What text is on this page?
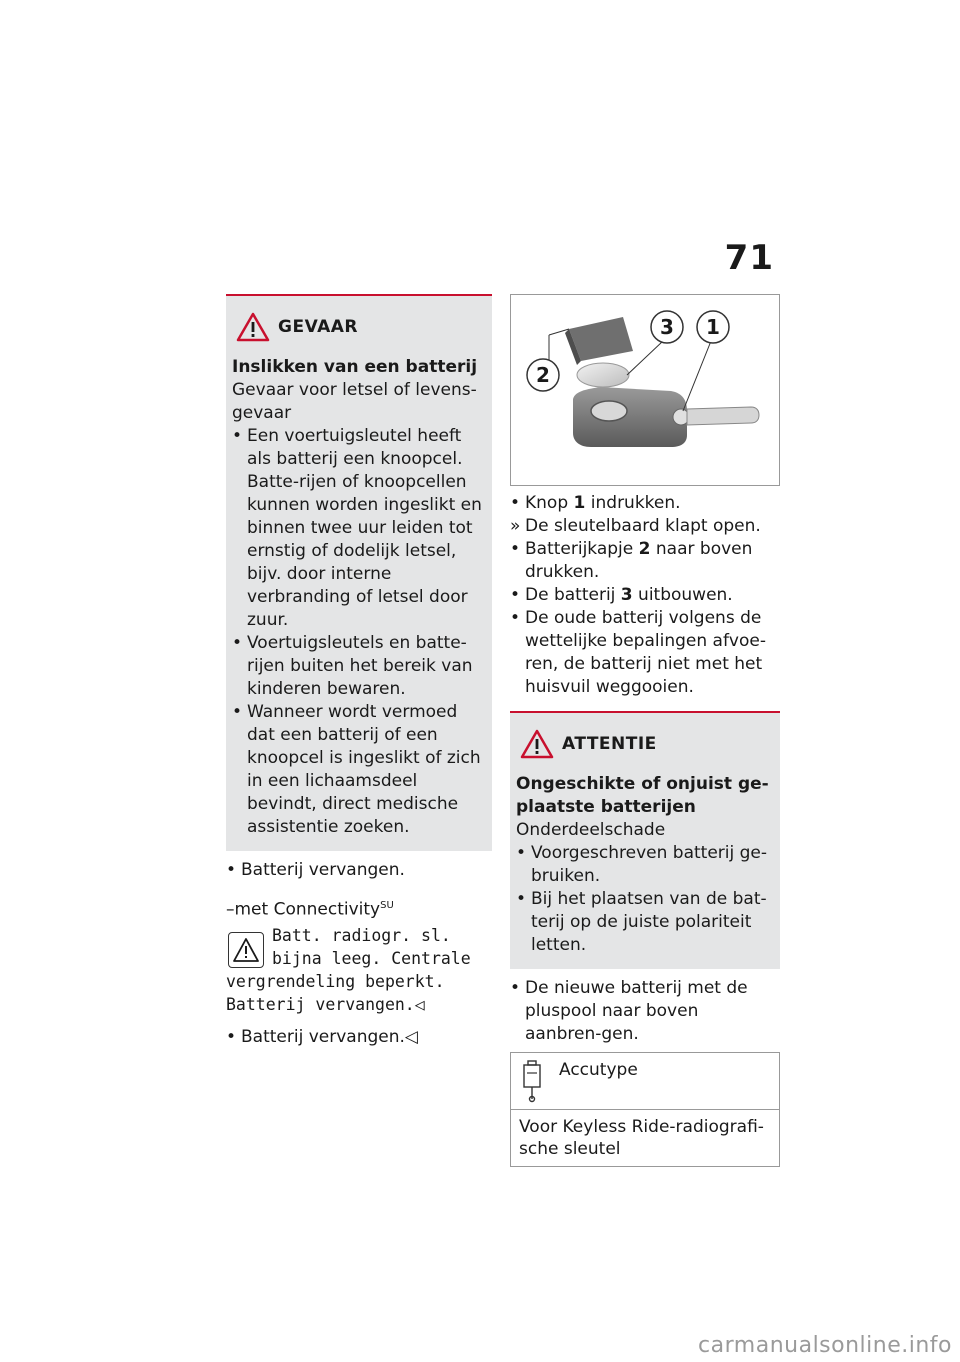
71
GEVAAR
Inslikken van een batterij
Gevaar voor letsel of levens-gevaar
• Een voertuigsleutel heeft als batterij een knoopcel. Batte-rijen of knoopcellen kunnen worden ingeslikt en binnen twee uur leiden tot ernstig of dodelijk letsel, bijv. door interne verbranding of letsel door zuur.
• Voertuigsleutels en batte-rijen buiten het bereik van kinderen bewaren.
• Wanneer wordt vermoed dat een batterij of een knoopcel is ingeslikt of zich in een lichaamsdeel bevindt, direct medische assistentie zoeken.
• Batterij vervangen.
–met Connectivity$^{SU}$
Batt. radiogr. sl. bijna leeg. Centrale vergrendeling beperkt. Batterij vervangen.◁
• Batterij vervangen.◁
2
3 1
• Knop 1 indrukken.
» De sleutelbaard klapt open.
• Batterijkapje 2 naar boven drukken.
• De batterij 3 uitbouwen.
• De oude batterij volgens de wettelijke bepalingen afvoe-ren, de batterij niet met het huisvuil weggooien.
ATTENTIE
Ongeschikte of onjuist ge-plaatste batterijen
Onderdeelschade
• Voorgeschreven batterij ge-bruiken.
• Bij het plaatsen van de bat-terij op de juiste polariteit letten.
• De nieuwe batterij met de pluspool naar boven aanbren-gen.
Accutype
Voor Keyless Ride-radiografi-sche sleutel
carmanualsonline.info
